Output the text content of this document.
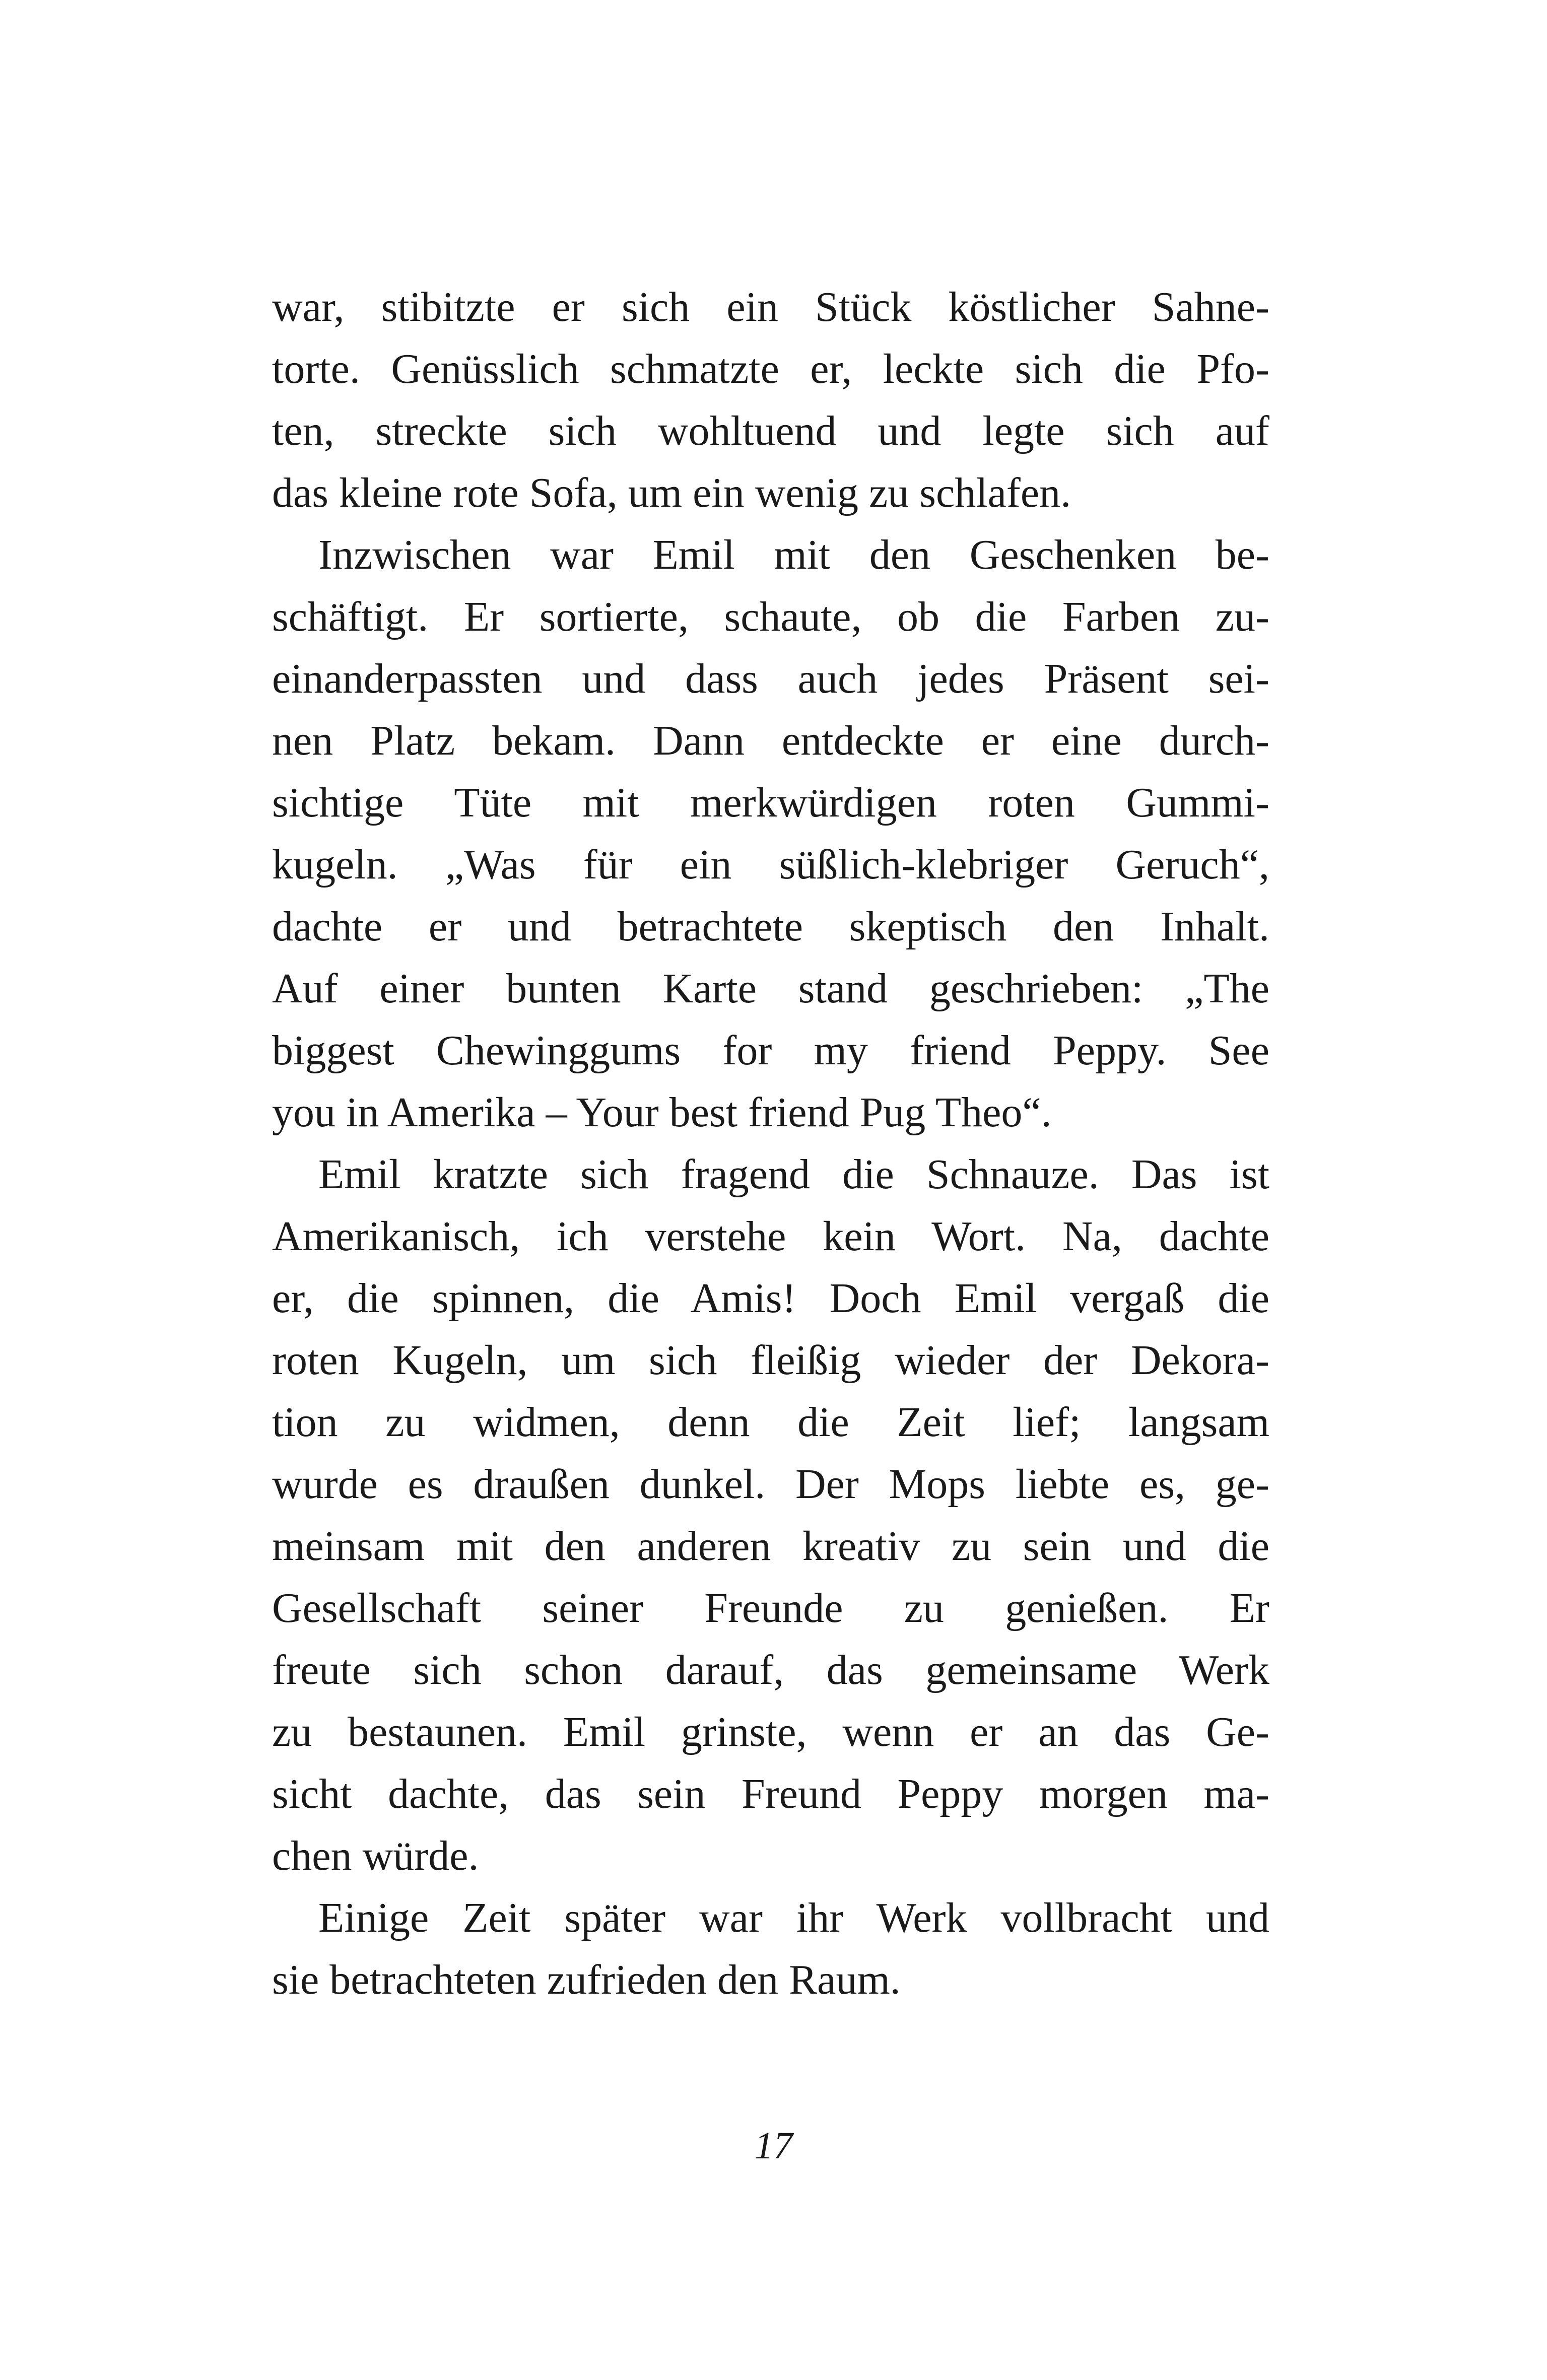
war, stibitzte er sich ein Stück köstlicher Sahne-
torte. Genüsslich schmatzte er, leckte sich die Pfo-
ten, streckte sich wohltuend und legte sich auf
das kleine rote Sofa, um ein wenig zu schlafen.
Inzwischen war Emil mit den Geschenken be-
schäftigt. Er sortierte, schaute, ob die Farben zu-
einanderpassten und dass auch jedes Präsent sei-
nen Platz bekam. Dann entdeckte er eine durch-
sichtige Tüte mit merkwürdigen roten Gummi-
kugeln. „Was für ein süßlich-klebriger Geruch“,
dachte er und betrachtete skeptisch den Inhalt.
Auf einer bunten Karte stand geschrieben: „The
biggest Chewinggums for my friend Peppy. See
you in Amerika – Your best friend Pug Theo“.
Emil kratzte sich fragend die Schnauze. Das ist
Amerikanisch, ich verstehe kein Wort. Na, dachte
er, die spinnen, die Amis! Doch Emil vergaß die
roten Kugeln, um sich fleißig wieder der Dekora-
tion zu widmen, denn die Zeit lief; langsam
wurde es draußen dunkel. Der Mops liebte es, ge-
meinsam mit den anderen kreativ zu sein und die
Gesellschaft seiner Freunde zu genießen. Er
freute sich schon darauf, das gemeinsame Werk
zu bestaunen. Emil grinste, wenn er an das Ge-
sicht dachte, das sein Freund Peppy morgen ma-
chen würde.
Einige Zeit später war ihr Werk vollbracht und
sie betrachteten zufrieden den Raum.
17
